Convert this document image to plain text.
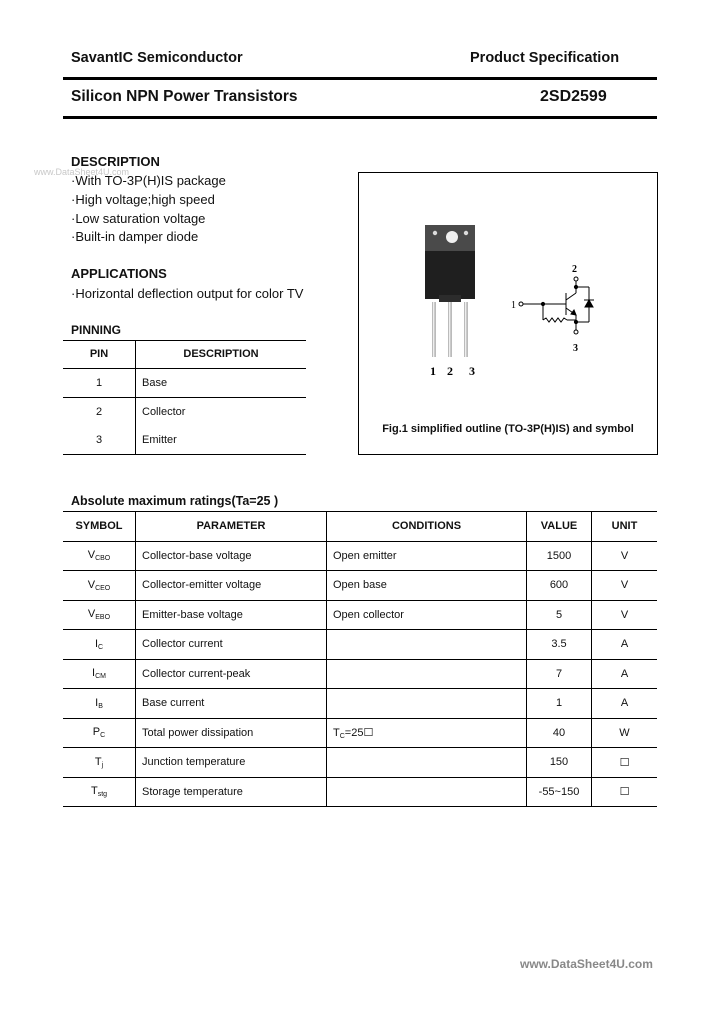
SavantIC Semiconductor	Product Specification
Silicon NPN Power Transistors	2SD2599
www.DataSheet4U.com
DESCRIPTION
·With TO-3P(H)IS package
·High voltage;high speed
·Low saturation voltage
·Built-in damper diode
APPLICATIONS
·Horizontal deflection output for color TV
PINNING
PIN	DESCRIPTION
1	Base
2	Collector
3	Emitter
1 2 3
1
2
3
Fig.1 simplified outline (TO-3P(H)IS) and symbol
Absolute maximum ratings(Ta=25 )
SYMBOL	PARAMETER	CONDITIONS	VALUE	UNIT
$V_{CBO}$	Collector-base voltage	Open emitter	1500	V
$V_{CEO}$	Collector-emitter voltage	Open base	600	V
$V_{EBO}$	Emitter-base voltage	Open collector	5	V
$I_C$	Collector current		3.5	A
$I_{CM}$	Collector current-peak		7	A
$I_B$	Base current		1	A
$P_C$	Total power dissipation	$T_C=25☐$	40	W
$T_j$	Junction temperature		150	☐
$T_{stg}$	Storage temperature		-55~150	☐
www.DataSheet4U.com
